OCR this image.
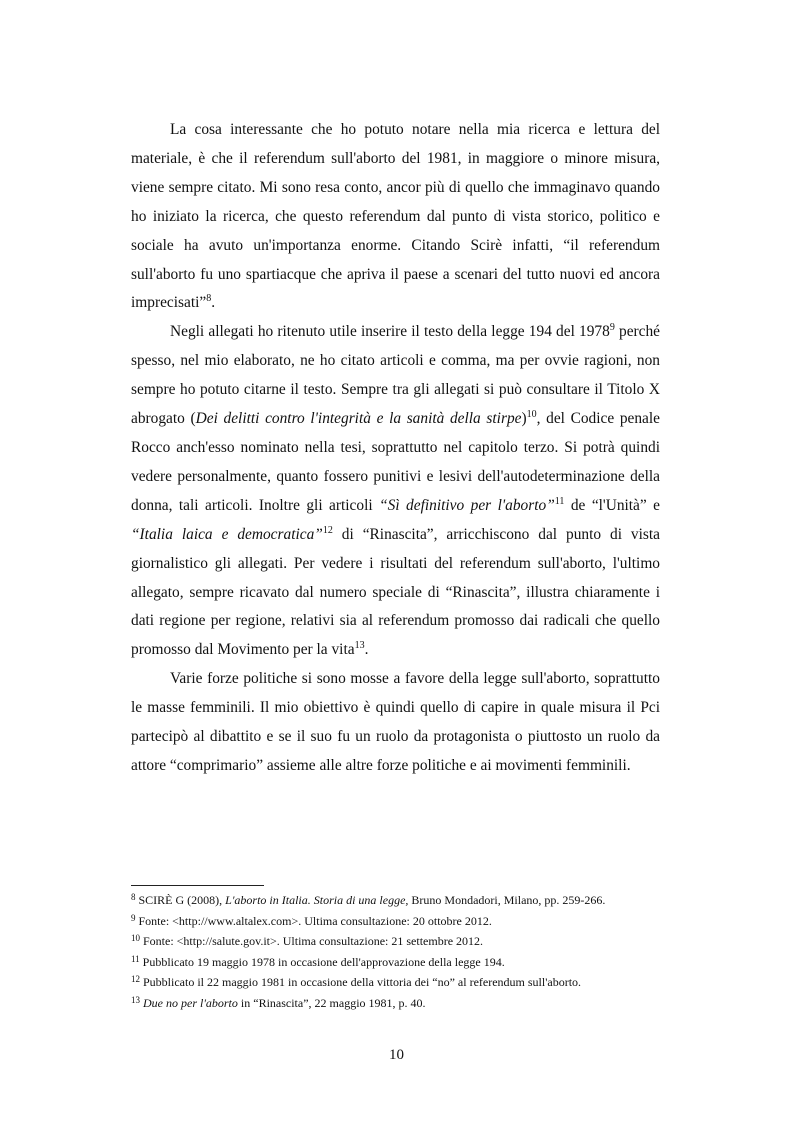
La cosa interessante che ho potuto notare nella mia ricerca e lettura del materiale, è che il referendum sull'aborto del 1981, in maggiore o minore misura, viene sempre citato. Mi sono resa conto, ancor più di quello che immaginavo quando ho iniziato la ricerca, che questo referendum dal punto di vista storico, politico e sociale ha avuto un'importanza enorme. Citando Scirè infatti, “il referendum sull'aborto fu uno spartiacque che apriva il paese a scenari del tutto nuovi ed ancora imprecisati”$^8$.

Negli allegati ho ritenuto utile inserire il testo della legge 194 del 1978$^9$ perché spesso, nel mio elaborato, ne ho citato articoli e comma, ma per ovvie ragioni, non sempre ho potuto citarne il testo. Sempre tra gli allegati si può consultare il Titolo X abrogato (Dei delitti contro l'integrità e la sanità della stirpe)$^{10}$, del Codice penale Rocco anch'esso nominato nella tesi, soprattutto nel capitolo terzo. Si potrà quindi vedere personalmente, quanto fossero punitivi e lesivi dell'autodeterminazione della donna, tali articoli. Inoltre gli articoli “Sì definitivo per l'aborto”$^{11}$ de “l'Unità” e “Italia laica e democratica”$^{12}$ di “Rinascita”, arricchiscono dal punto di vista giornalistico gli allegati. Per vedere i risultati del referendum sull'aborto, l'ultimo allegato, sempre ricavato dal numero speciale di “Rinascita”, illustra chiaramente i dati regione per regione, relativi sia al referendum promosso dai radicali che quello promosso dal Movimento per la vita$^{13}$.

Varie forze politiche si sono mosse a favore della legge sull'aborto, soprattutto le masse femminili. Il mio obiettivo è quindi quello di capire in quale misura il Pci partecipò al dibattito e se il suo fu un ruolo da protagonista o piuttosto un ruolo da attore “comprimario” assieme alle altre forze politiche e ai movimenti femminili.

$^8$ SCIRÈ G (2008), L'aborto in Italia. Storia di una legge, Bruno Mondadori, Milano, pp. 259-266.
$^9$ Fonte: <http://www.altalex.com>. Ultima consultazione: 20 ottobre 2012.
$^{10}$ Fonte: <http://salute.gov.it>. Ultima consultazione: 21 settembre 2012.
$^{11}$ Pubblicato 19 maggio 1978 in occasione dell'approvazione della legge 194.
$^{12}$ Pubblicato il 22 maggio 1981 in occasione della vittoria dei “no” al referendum sull'aborto.
$^{13}$ Due no per l'aborto in “Rinascita”, 22 maggio 1981, p. 40.
10
